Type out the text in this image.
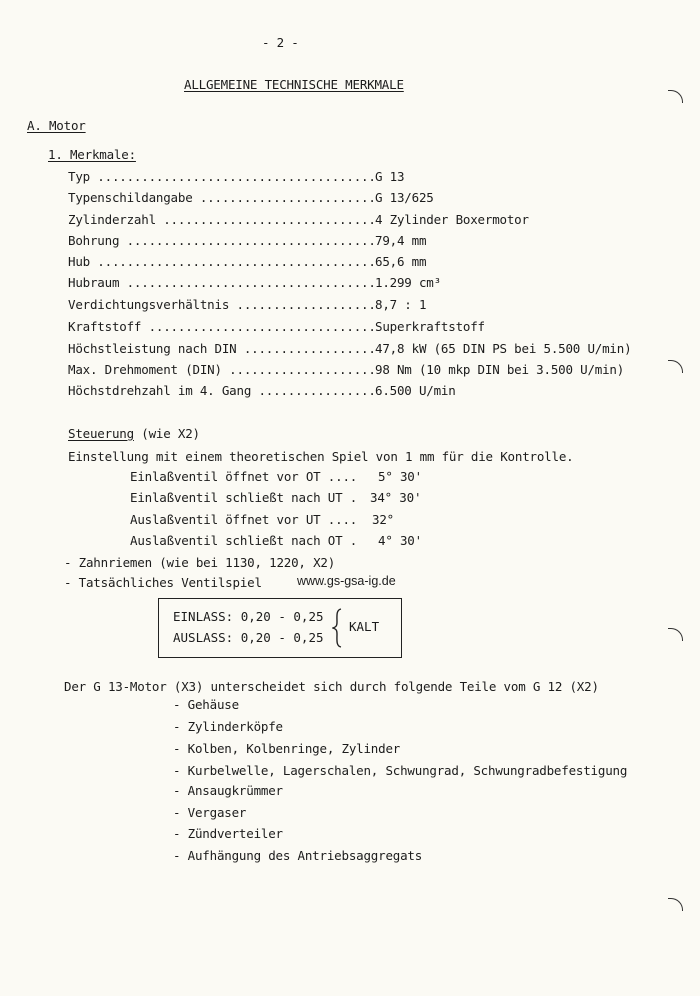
- 2 -
ALLGEMEINE TECHNISCHE MERKMALE
A. Motor
1. Merkmale:
Typ ...................................... G 13
Typenschildangabe ........................ G 13/625
Zylinderzahl ............................. 4 Zylinder Boxermotor
Bohrung .................................. 79,4 mm
Hub ...................................... 65,6 mm
Hubraum .................................. 1.299 cm³
Verdichtungsverhältnis ................... 8,7 : 1
Kraftstoff ............................... Superkraftstoff
Höchstleistung nach DIN .................. 47,8 kW (65 DIN PS bei 5.500 U/min)
Max. Drehmoment (DIN) .................... 98 Nm (10 mkp DIN bei 3.500 U/min)
Höchstdrehzahl im 4. Gang ................ 6.500 U/min
Steuerung (wie X2)
Einstellung mit einem theoretischen Spiel von 1 mm für die Kontrolle.
Einlaßventil öffnet vor OT .... 5° 30'
Einlaßventil schließt nach UT . 34° 30'
Auslaßventil öffnet vor UT .... 32°
Auslaßventil schließt nach OT . 4° 30'
- Zahnriemen (wie bei 1130, 1220, X2)
- Tatsächliches Ventilspiel	www.gs-gsa-ig.de
EINLASS: 0,20 - 0,25
AUSLASS: 0,20 - 0,25
KALT
Der G 13-Motor (X3) unterscheidet sich durch folgende Teile vom G 12 (X2)
- Gehäuse
- Zylinderköpfe
- Kolben, Kolbenringe, Zylinder
- Kurbelwelle, Lagerschalen, Schwungrad, Schwungradbefestigung
- Ansaugkrümmer
- Vergaser
- Zündverteiler
- Aufhängung des Antriebsaggregats
